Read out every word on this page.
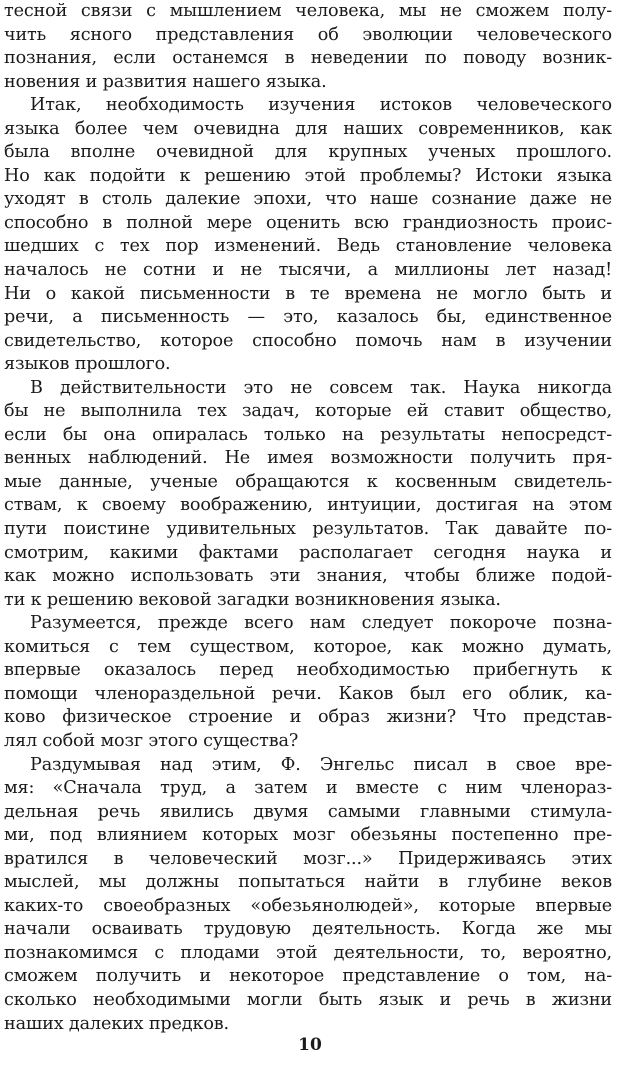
тесной связи с мышлением человека, мы не сможем полу-
чить ясного представления об эволюции человеческого
познания, если останемся в неведении по поводу возник-
новения и развития нашего языка.
Итак, необходимость изучения истоков человеческого
языка более чем очевидна для наших современников, как
была вполне очевидной для крупных ученых прошлого.
Но как подойти к решению этой проблемы? Истоки языка
уходят в столь далекие эпохи, что наше сознание даже не
способно в полной мере оценить всю грандиозность проис-
шедших с тех пор изменений. Ведь становление человека
началось не сотни и не тысячи, а миллионы лет назад!
Ни о какой письменности в те времена не могло быть и
речи, а письменность — это, казалось бы, единственное
свидетельство, которое способно помочь нам в изучении
языков прошлого.
В действительности это не совсем так. Наука никогда
бы не выполнила тех задач, которые ей ставит общество,
если бы она опиралась только на результаты непосредст-
венных наблюдений. Не имея возможности получить пря-
мые данные, ученые обращаются к косвенным свидетель-
ствам, к своему воображению, интуиции, достигая на этом
пути поистине удивительных результатов. Так давайте по-
смотрим, какими фактами располагает сегодня наука и
как можно использовать эти знания, чтобы ближе подой-
ти к решению вековой загадки возникновения языка.
Разумеется, прежде всего нам следует покороче позна-
комиться с тем существом, которое, как можно думать,
впервые оказалось перед необходимостью прибегнуть к
помощи членораздельной речи. Каков был его облик, ка-
ково физическое строение и образ жизни? Что представ-
лял собой мозг этого существа?
Раздумывая над этим, Ф. Энгельс писал в свое вре-
мя: «Сначала труд, а затем и вместе с ним членораз-
дельная речь явились двумя самыми главными стимула-
ми, под влиянием которых мозг обезьяны постепенно пре-
вратился в человеческий мозг...» Придерживаясь этих
мыслей, мы должны попытаться найти в глубине веков
каких-то своеобразных «обезьянолюдей», которые впервые
начали осваивать трудовую деятельность. Когда же мы
познакомимся с плодами этой деятельности, то, вероятно,
сможем получить и некоторое представление о том, на-
сколько необходимыми могли быть язык и речь в жизни
наших далеких предков.
10
